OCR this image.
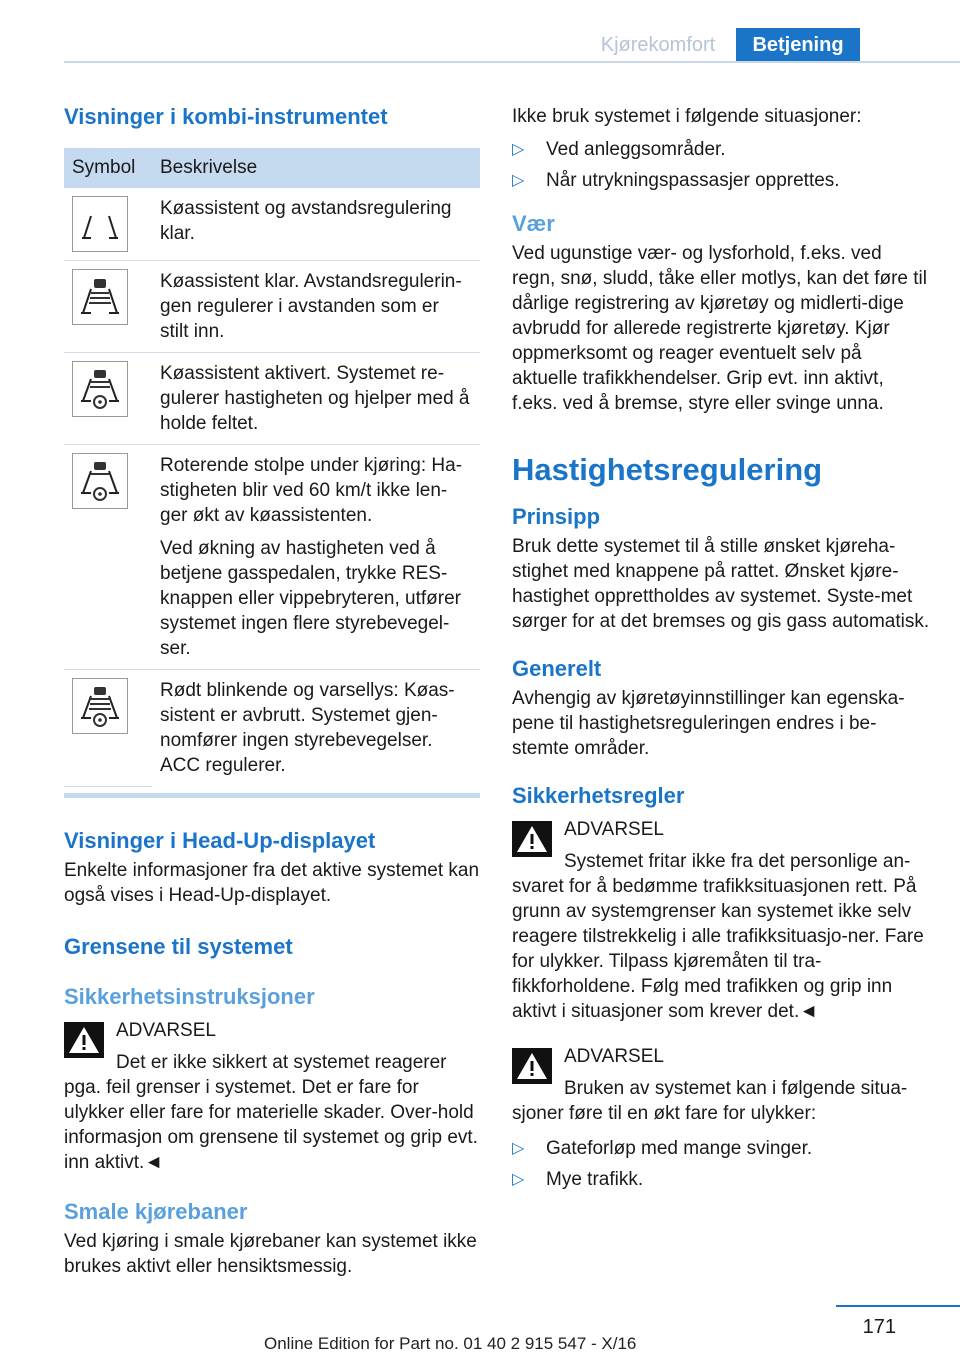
Kjørekomfort	Betjening
Visninger i kombi-instrumentet
Symbol	Beskrivelse

Køassistent og avstandsregulering klar.

Køassistent klar. Avstandsregulerin-gen regulerer i avstanden som er stilt inn.

Køassistent aktivert. Systemet re-gulerer hastigheten og hjelper med å holde feltet.

Roterende stolpe under kjøring: Ha-stigheten blir ved 60 km/t ikke len-ger økt av køassistenten.

Ved økning av hastigheten ved å betjene gasspedalen, trykke RES-knappen eller vippebryteren, utfører systemet ingen flere styrebevegel-ser.

Rødt blinkende og varsellys: Køas-sistent er avbrutt. Systemet gjen-nomfører ingen styrebevegelser. ACC regulerer.

Visninger i Head-Up-displayet

Enkelte informasjoner fra det aktive systemet kan også vises i Head-Up-displayet.

Grensene til systemet
Sikkerhetsinstruksjoner
ADVARSEL

Det er ikke sikkert at systemet reagerer pga. feil grenser i systemet. Det er fare for ulykker eller fare for materielle skader. Over-hold informasjon om grensene til systemet og grip evt. inn aktivt.◄

Smale kjørebaner

Ved kjøring i smale kjørebaner kan systemet ikke brukes aktivt eller hensiktsmessig.

Ikke bruk systemet i følgende situasjoner:

▷ Ved anleggsområder.
▷ Når utrykningspassasjer opprettes.
Vær

Ved ugunstige vær- og lysforhold, f.eks. ved regn, snø, sludd, tåke eller motlys, kan det føre til dårlige registrering av kjøretøy og midlerti-dige avbrudd for allerede registrerte kjøretøy. Kjør oppmerksomt og reager eventuelt selv på aktuelle trafikkhendelser. Grip evt. inn aktivt, f.eks. ved å bremse, styre eller svinge unna.

Hastighetsregulering
Prinsipp

Bruk dette systemet til å stille ønsket kjøreha-stighet med knappene på rattet. Ønsket kjøre-hastighet opprettholdes av systemet. Syste-met sørger for at det bremses og gis gass automatisk.

Generelt

Avhengig av kjøretøyinnstillinger kan egenska-pene til hastighetsreguleringen endres i be-stemte områder.

Sikkerhetsregler
ADVARSEL

Systemet fritar ikke fra det personlige an-svaret for å bedømme trafikksituasjonen rett. På grunn av systemgrenser kan systemet ikke selv reagere tilstrekkelig i alle trafikksituasjo-ner. Fare for ulykker. Tilpass kjøremåten til tra-fikkforholdene. Følg med trafikken og grip inn aktivt i situasjoner som krever det.◄

ADVARSEL

Bruken av systemet kan i følgende situa-sjoner føre til en økt fare for ulykker:

▷ Gateforløp med mange svinger.
▷ Mye trafikk.
171
Online Edition for Part no. 01 40 2 915 547 - X/16
